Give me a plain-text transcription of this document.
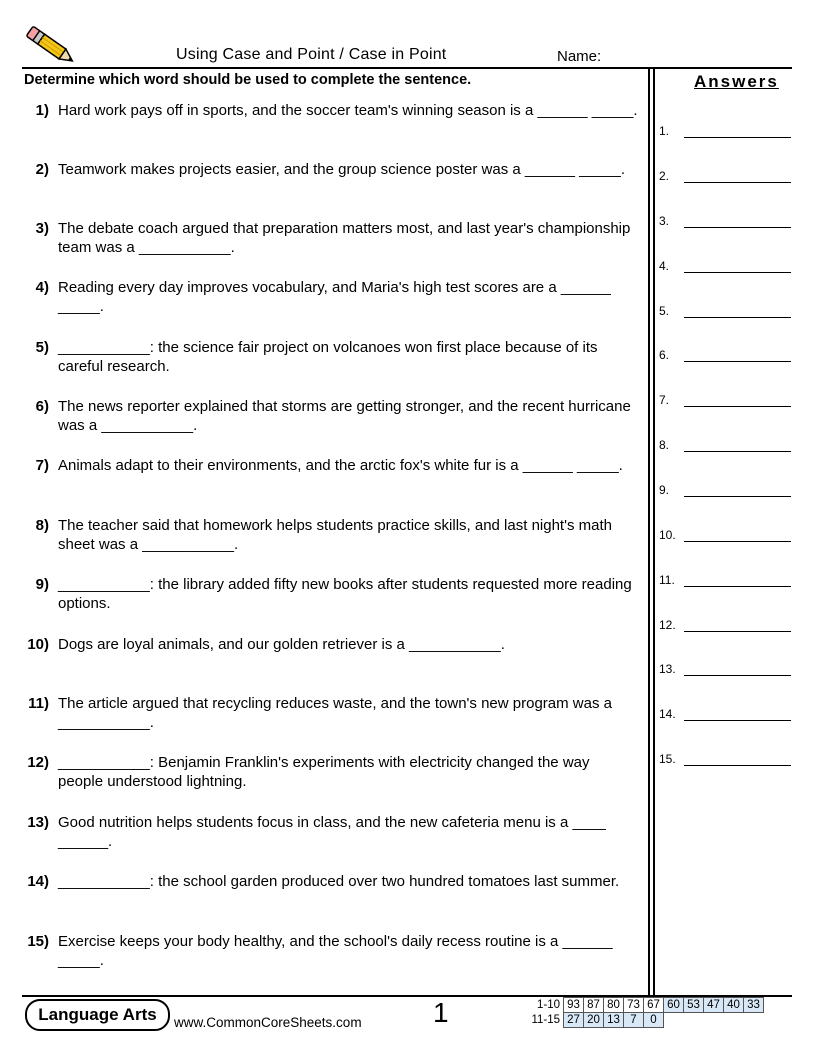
Using Case and Point / Case in Point	Name:
Determine which word should be used to complete the sentence.	Answers
1) Hard work pays off in sports, and the soccer team's winning season is a ______ _____.
2) Teamwork makes projects easier, and the group science poster was a ______ _____.
3) The debate coach argued that preparation matters most, and last year's championship team was a ___________.
4) Reading every day improves vocabulary, and Maria's high test scores are a ______ _____.
5) ___________: the science fair project on volcanoes won first place because of its careful research.
6) The news reporter explained that storms are getting stronger, and the recent hurricane was a ___________.
7) Animals adapt to their environments, and the arctic fox's white fur is a ______ _____.
8) The teacher said that homework helps students practice skills, and last night's math sheet was a ___________.
9) ___________: the library added fifty new books after students requested more reading options.
10) Dogs are loyal animals, and our golden retriever is a ___________.
11) The article argued that recycling reduces waste, and the town's new program was a ___________.
12) ___________: Benjamin Franklin's experiments with electricity changed the way people understood lightning.
13) Good nutrition helps students focus in class, and the new cafeteria menu is a ____ ______.
14) ___________: the school garden produced over two hundred tomatoes last summer.
15) Exercise keeps your body healthy, and the school's daily recess routine is a ______ _____.
1.
2.
3.
4.
5.
6.
7.
8.
9.
10.
11.
12.
13.
14.
15.
Language Arts	www.CommonCoreSheets.com	1	1-10	93	87	80	73	67	60	53	47	40	33
11-15	27	20	13	7	0					
